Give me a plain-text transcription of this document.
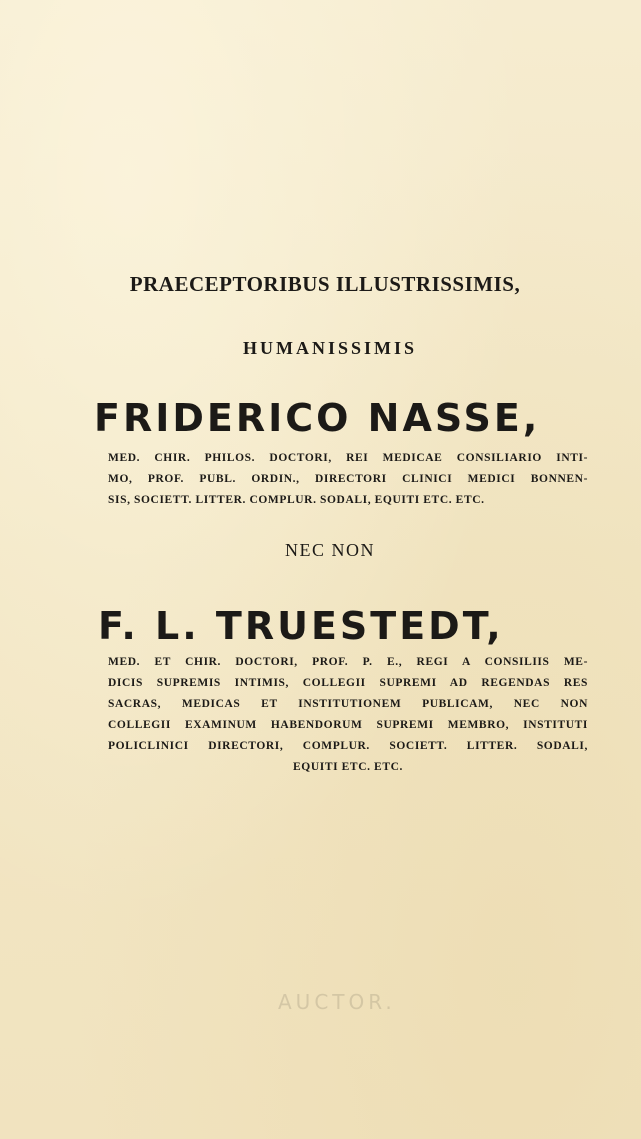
PRAECEPTORIBUS ILLUSTRISSIMIS,
HUMANISSIMIS
FRIDERICO NASSE,
MED. CHIR. PHILOS. DOCTORI, REI MEDICAE CONSILIARIO INTI-
MO, PROF. PUBL. ORDIN., DIRECTORI CLINICI MEDICI BONNEN-
SIS, SOCIETT. LITTER. COMPLUR. SODALI, EQUITI ETC. ETC.
NEC NON
F. L. TRUESTEDT,
MED. ET CHIR. DOCTORI, PROF. P. E., REGI A CONSILIIS ME-
DICIS SUPREMIS INTIMIS, COLLEGII SUPREMI AD REGENDAS RES
SACRAS, MEDICAS ET INSTITUTIONEM PUBLICAM, NEC NON
COLLEGII EXAMINUM HABENDORUM SUPREMI MEMBRO, INSTITUTI
POLICLINICI DIRECTORI, COMPLUR. SOCIETT. LITTER. SODALI,
EQUITI ETC. ETC.
AUCTOR.
